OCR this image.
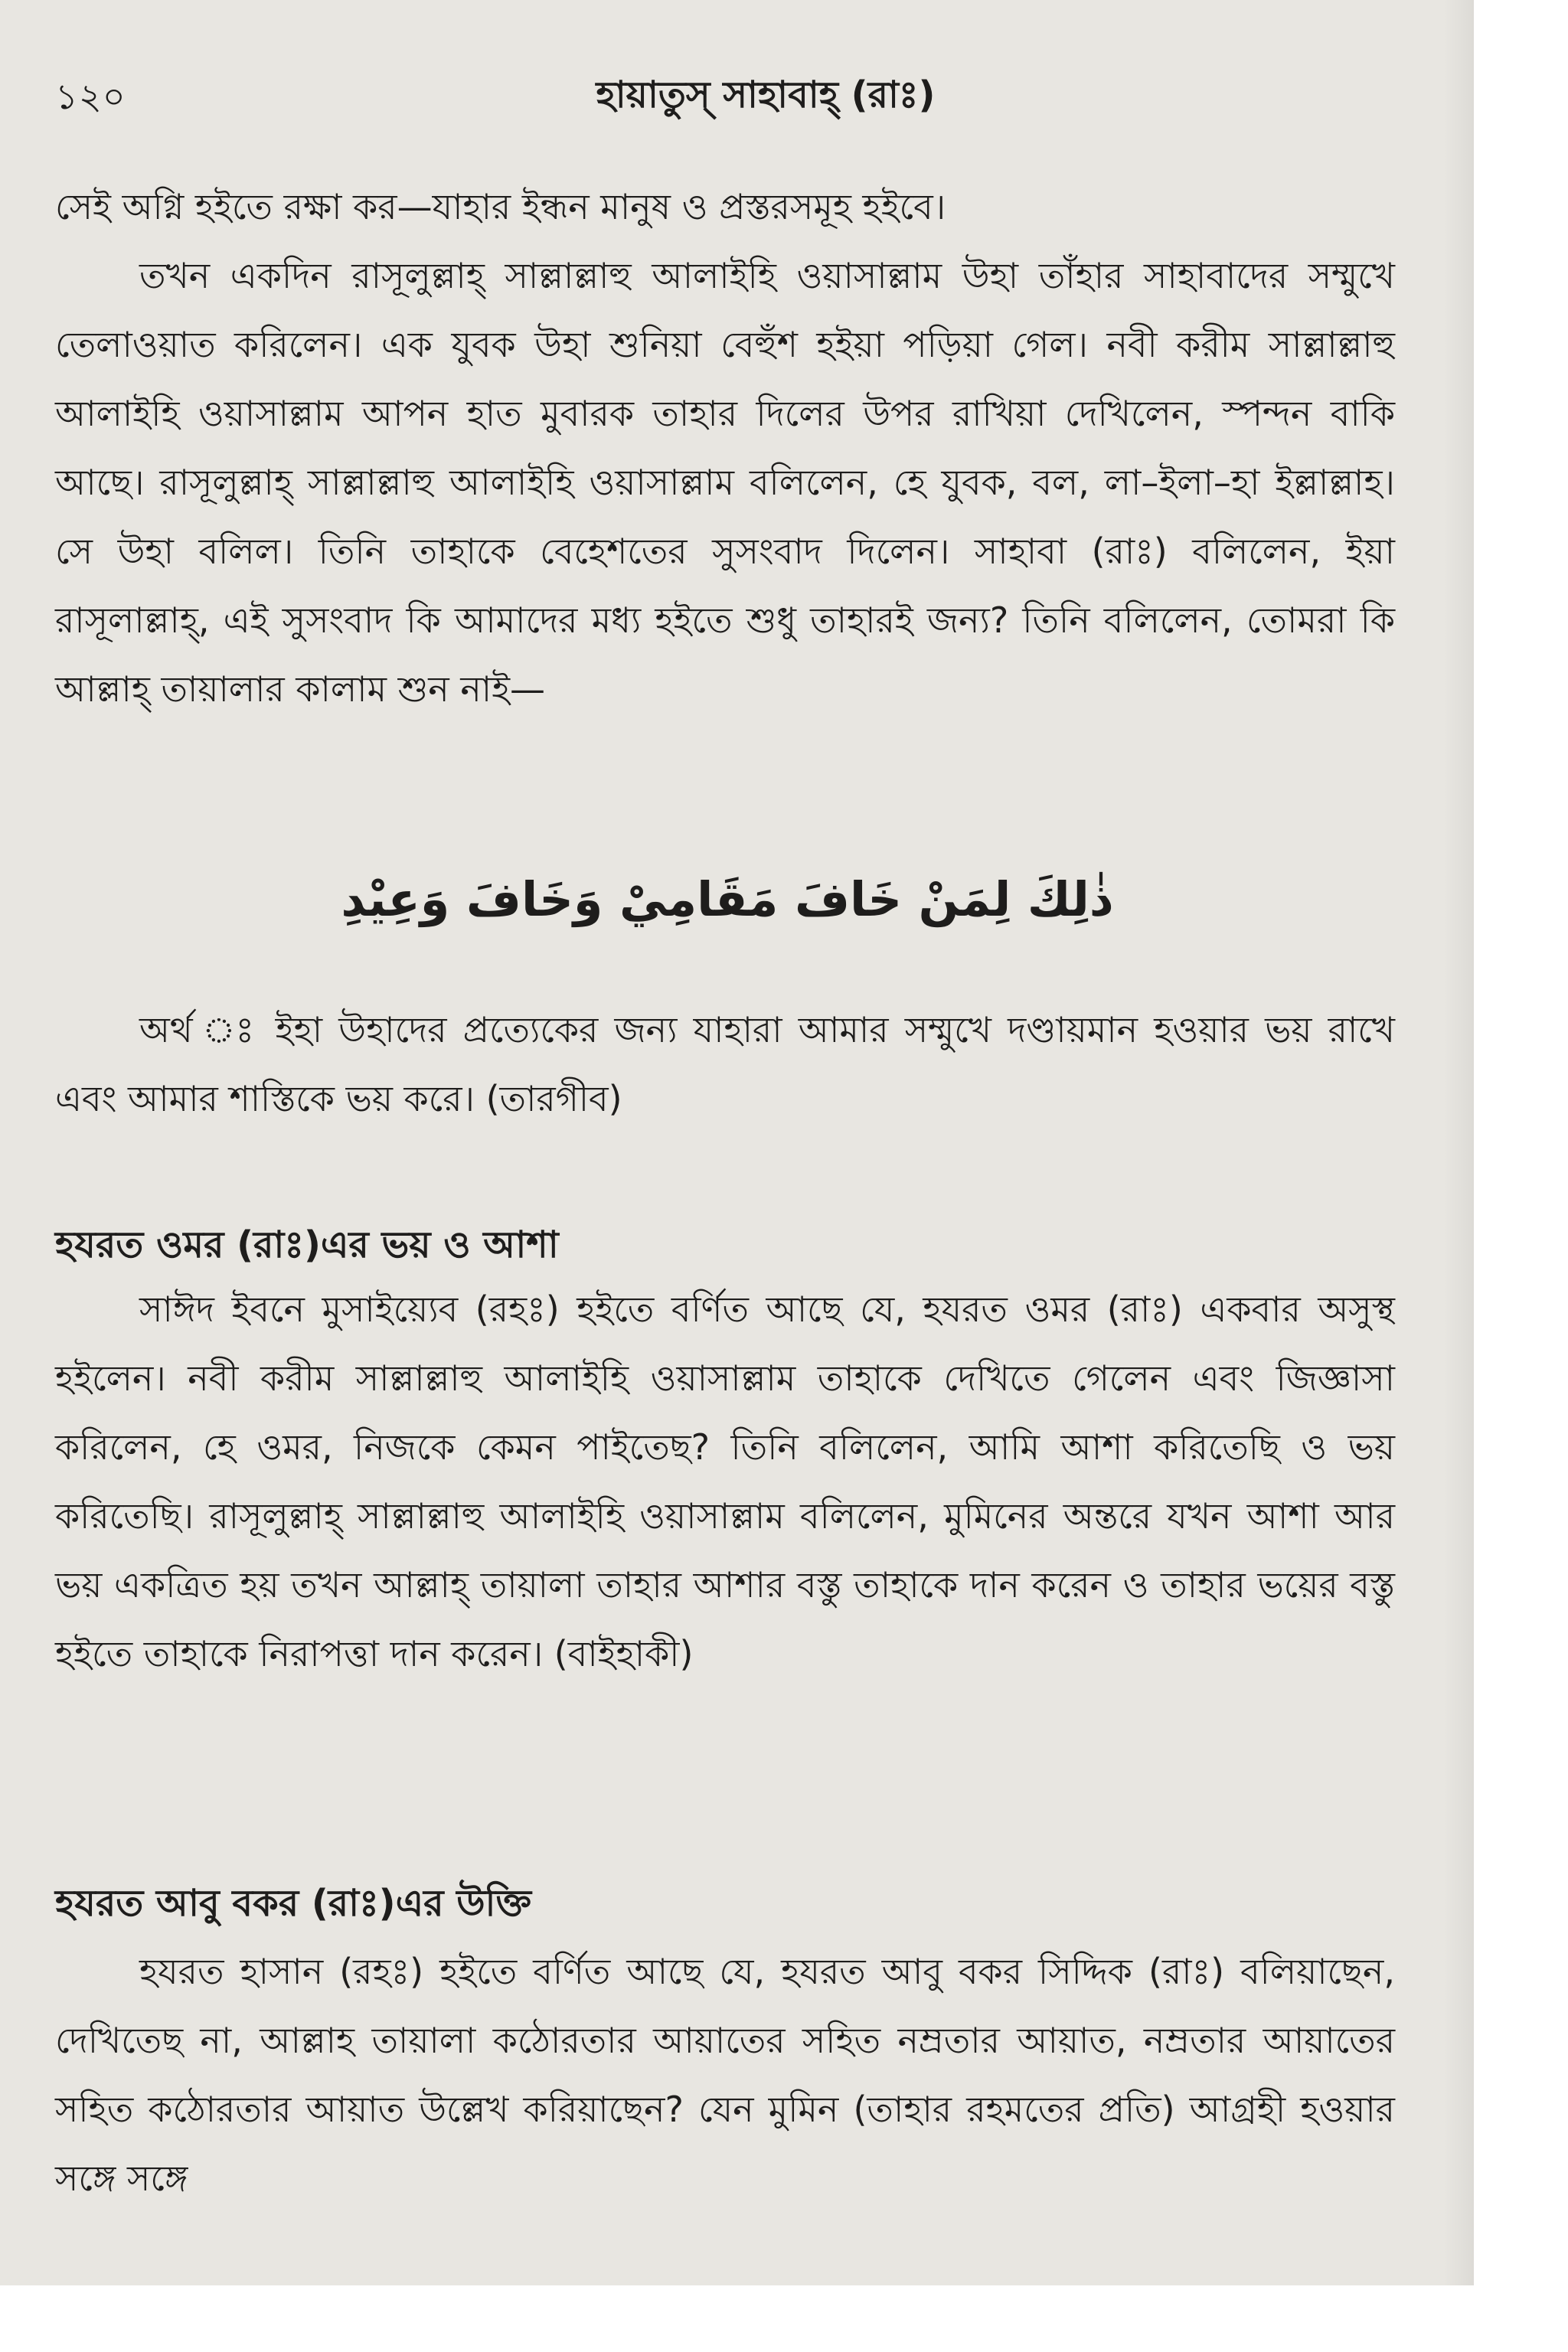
১২০	হায়াতুস্ সাহাবাহ্ (রাঃ)

সেই অগ্নি হইতে রক্ষা কর—যাহার ইন্ধন মানুষ ও প্রস্তরসমূহ হইবে।

তখন একদিন রাসূলুল্লাহ্ সাল্লাল্লাহু আলাইহি ওয়াসাল্লাম উহা তাঁহার সাহাবাদের সম্মুখে তেলাওয়াত করিলেন। এক যুবক উহা শুনিয়া বেহুঁশ হইয়া পড়িয়া গেল। নবী করীম সাল্লাল্লাহু আলাইহি ওয়াসাল্লাম আপন হাত মুবারক তাহার দিলের উপর রাখিয়া দেখিলেন, স্পন্দন বাকি আছে। রাসূলুল্লাহ্ সাল্লাল্লাহু আলাইহি ওয়াসাল্লাম বলিলেন, হে যুবক, বল, লা–ইলা–হা ইল্লাল্লাহ। সে উহা বলিল। তিনি তাহাকে বেহেশতের সুসংবাদ দিলেন। সাহাবা (রাঃ) বলিলেন, ইয়া রাসূলাল্লাহ্, এই সুসংবাদ কি আমাদের মধ্য হইতে শুধু তাহারই জন্য? তিনি বলিলেন, তোমরা কি আল্লাহ্ তায়ালার কালাম শুন নাই—

ذٰلِكَ لِمَنْ خَافَ مَقَامِيْ وَخَافَ وَعِيْدِ

অর্থ ঃ ইহা উহাদের প্রত্যেকের জন্য যাহারা আমার সম্মুখে দণ্ডায়মান হওয়ার ভয় রাখে এবং আমার শাস্তিকে ভয় করে। (তারগীব)

হযরত ওমর (রাঃ)এর ভয় ও আশা

সাঈদ ইবনে মুসাইয়্যেব (রহঃ) হইতে বর্ণিত আছে যে, হযরত ওমর (রাঃ) একবার অসুস্থ হইলেন। নবী করীম সাল্লাল্লাহু আলাইহি ওয়াসাল্লাম তাহাকে দেখিতে গেলেন এবং জিজ্ঞাসা করিলেন, হে ওমর, নিজকে কেমন পাইতেছ? তিনি বলিলেন, আমি আশা করিতেছি ও ভয় করিতেছি। রাসূলুল্লাহ্ সাল্লাল্লাহু আলাইহি ওয়াসাল্লাম বলিলেন, মুমিনের অন্তরে যখন আশা আর ভয় একত্রিত হয় তখন আল্লাহ্ তায়ালা তাহার আশার বস্তু তাহাকে দান করেন ও তাহার ভয়ের বস্তু হইতে তাহাকে নিরাপত্তা দান করেন। (বাইহাকী)

হযরত আবু বকর (রাঃ)এর উক্তি

হযরত হাসান (রহঃ) হইতে বর্ণিত আছে যে, হযরত আবু বকর সিদ্দিক (রাঃ) বলিয়াছেন, দেখিতেছ না, আল্লাহ তায়ালা কঠোরতার আয়াতের সহিত নম্রতার আয়াত, নম্রতার আয়াতের সহিত কঠোরতার আয়াত উল্লেখ করিয়াছেন? যেন মুমিন (তাহার রহমতের প্রতি) আগ্রহী হওয়ার সঙ্গে সঙ্গে
